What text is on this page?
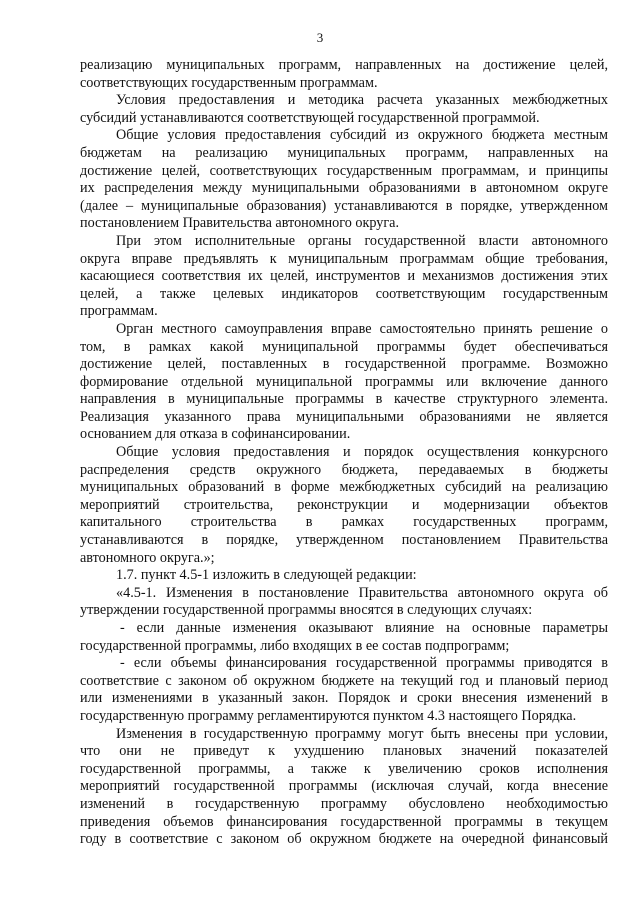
3
реализацию муниципальных программ, направленных на достижение целей,
соответствующих государственным программам.
Условия предоставления и методика расчета указанных межбюджетных
субсидий устанавливаются соответствующей государственной программой.
Общие условия предоставления субсидий из окружного бюджета местным
бюджетам на реализацию муниципальных программ, направленных на
достижение целей, соответствующих государственным программам, и принципы
их распределения между муниципальными образованиями в автономном округе
(далее – муниципальные образования) устанавливаются в порядке, утвержденном
постановлением Правительства автономного округа.
При этом исполнительные органы государственной власти автономного
округа вправе предъявлять к муниципальным программам общие требования,
касающиеся соответствия их целей, инструментов и механизмов достижения этих
целей, а также целевых индикаторов соответствующим государственным
программам.
Орган местного самоуправления вправе самостоятельно принять решение о
том, в рамках какой муниципальной программы будет обеспечиваться
достижение целей, поставленных в государственной программе. Возможно
формирование отдельной муниципальной программы или включение данного
направления в муниципальные программы в качестве структурного элемента.
Реализация указанного права муниципальными образованиями не является
основанием для отказа в софинансировании.
Общие условия предоставления и порядок осуществления конкурсного
распределения средств окружного бюджета, передаваемых в бюджеты
муниципальных образований в форме межбюджетных субсидий на реализацию
мероприятий строительства, реконструкции и модернизации объектов
капитального строительства в рамках государственных программ,
устанавливаются в порядке, утвержденном постановлением Правительства
автономного округа.»;
1.7. пункт 4.5-1 изложить в следующей редакции:
«4.5-1. Изменения в постановление Правительства автономного округа об
утверждении государственной программы вносятся в следующих случаях:
- если данные изменения оказывают влияние на основные параметры
государственной программы, либо входящих в ее состав подпрограмм;
- если объемы финансирования государственной программы приводятся в
соответствие с законом об окружном бюджете на текущий год и плановый период
или изменениями в указанный закон. Порядок и сроки внесения изменений в
государственную программу регламентируются пунктом 4.3 настоящего Порядка.
Изменения в государственную программу могут быть внесены при условии,
что они не приведут к ухудшению плановых значений показателей
государственной программы, а также к увеличению сроков исполнения
мероприятий государственной программы (исключая случай, когда внесение
изменений в государственную программу обусловлено необходимостью
приведения объемов финансирования государственной программы в текущем
году в соответствие с законом об окружном бюджете на очередной финансовый
